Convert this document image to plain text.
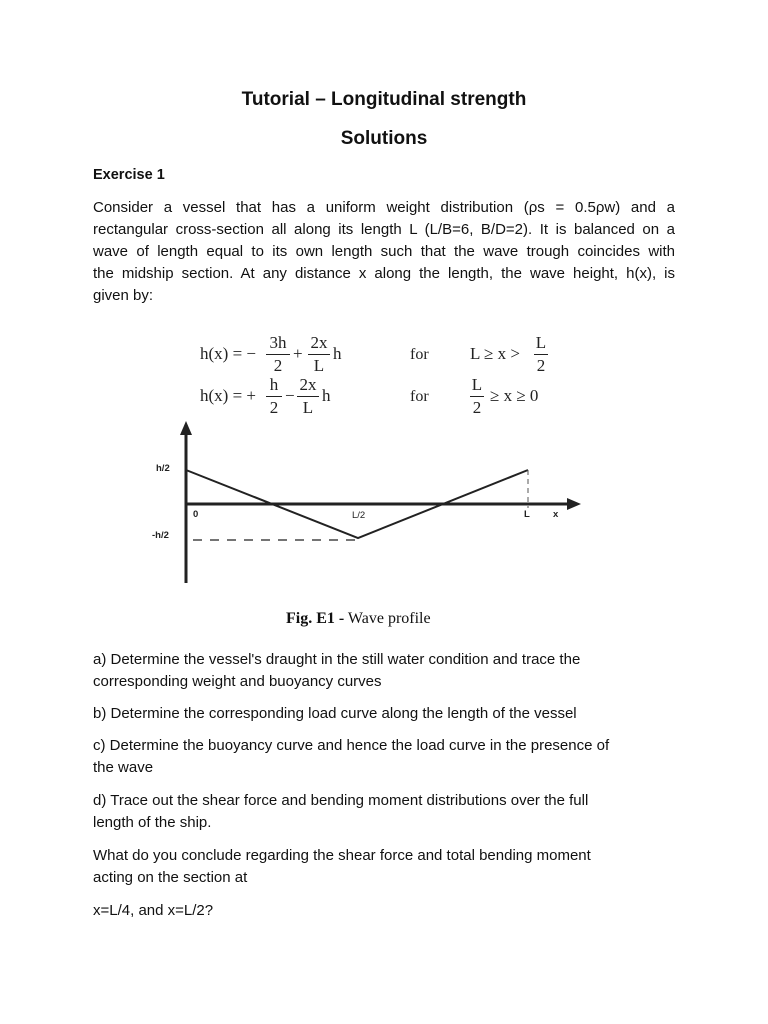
Tutorial – Longitudinal strength
Solutions
Exercise 1
Consider a vessel that has a uniform weight distribution (ρs = 0.5ρw) and a
rectangular cross-section all along its length L (L/B=6, B/D=2). It is balanced on a
wave of length equal to its own length such that the wave trough coincides with
the midship section. At any distance x along the length, the wave height, h(x), is
given by:
h(x) = −
3h
2
+
2x
L
h	for L ≥ x >
L
2
h(x) = +
h
2
−
2x
L
h	for
L
2
≥ x ≥ 0
h/2
-h/2
0	L/2	L x
Fig. E1 - Wave profile
a) Determine the vessel's draught in the still water condition and trace the
corresponding weight and buoyancy curves
b) Determine the corresponding load curve along the length of the vessel
c) Determine the buoyancy curve and hence the load curve in the presence of
the wave
d) Trace out the shear force and bending moment distributions over the full
length of the ship.
What do you conclude regarding the shear force and total bending moment
acting on the section at
x=L/4, and x=L/2?
